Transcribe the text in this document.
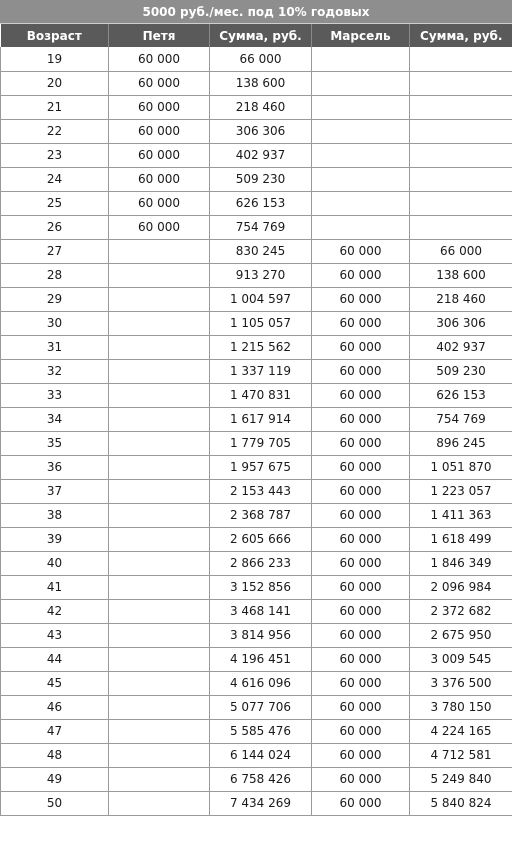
5000 руб./мес. под 10% годовых
Возраст	Петя	Сумма, руб.	Марсель	Сумма, руб.
19	60 000	66 000		
20	60 000	138 600		
21	60 000	218 460		
22	60 000	306 306		
23	60 000	402 937		
24	60 000	509 230		
25	60 000	626 153		
26	60 000	754 769		
27		830 245	60 000	66 000
28		913 270	60 000	138 600
29		1 004 597	60 000	218 460
30		1 105 057	60 000	306 306
31		1 215 562	60 000	402 937
32		1 337 119	60 000	509 230
33		1 470 831	60 000	626 153
34		1 617 914	60 000	754 769
35		1 779 705	60 000	896 245
36		1 957 675	60 000	1 051 870
37		2 153 443	60 000	1 223 057
38		2 368 787	60 000	1 411 363
39		2 605 666	60 000	1 618 499
40		2 866 233	60 000	1 846 349
41		3 152 856	60 000	2 096 984
42		3 468 141	60 000	2 372 682
43		3 814 956	60 000	2 675 950
44		4 196 451	60 000	3 009 545
45		4 616 096	60 000	3 376 500
46		5 077 706	60 000	3 780 150
47		5 585 476	60 000	4 224 165
48		6 144 024	60 000	4 712 581
49		6 758 426	60 000	5 249 840
50		7 434 269	60 000	5 840 824
